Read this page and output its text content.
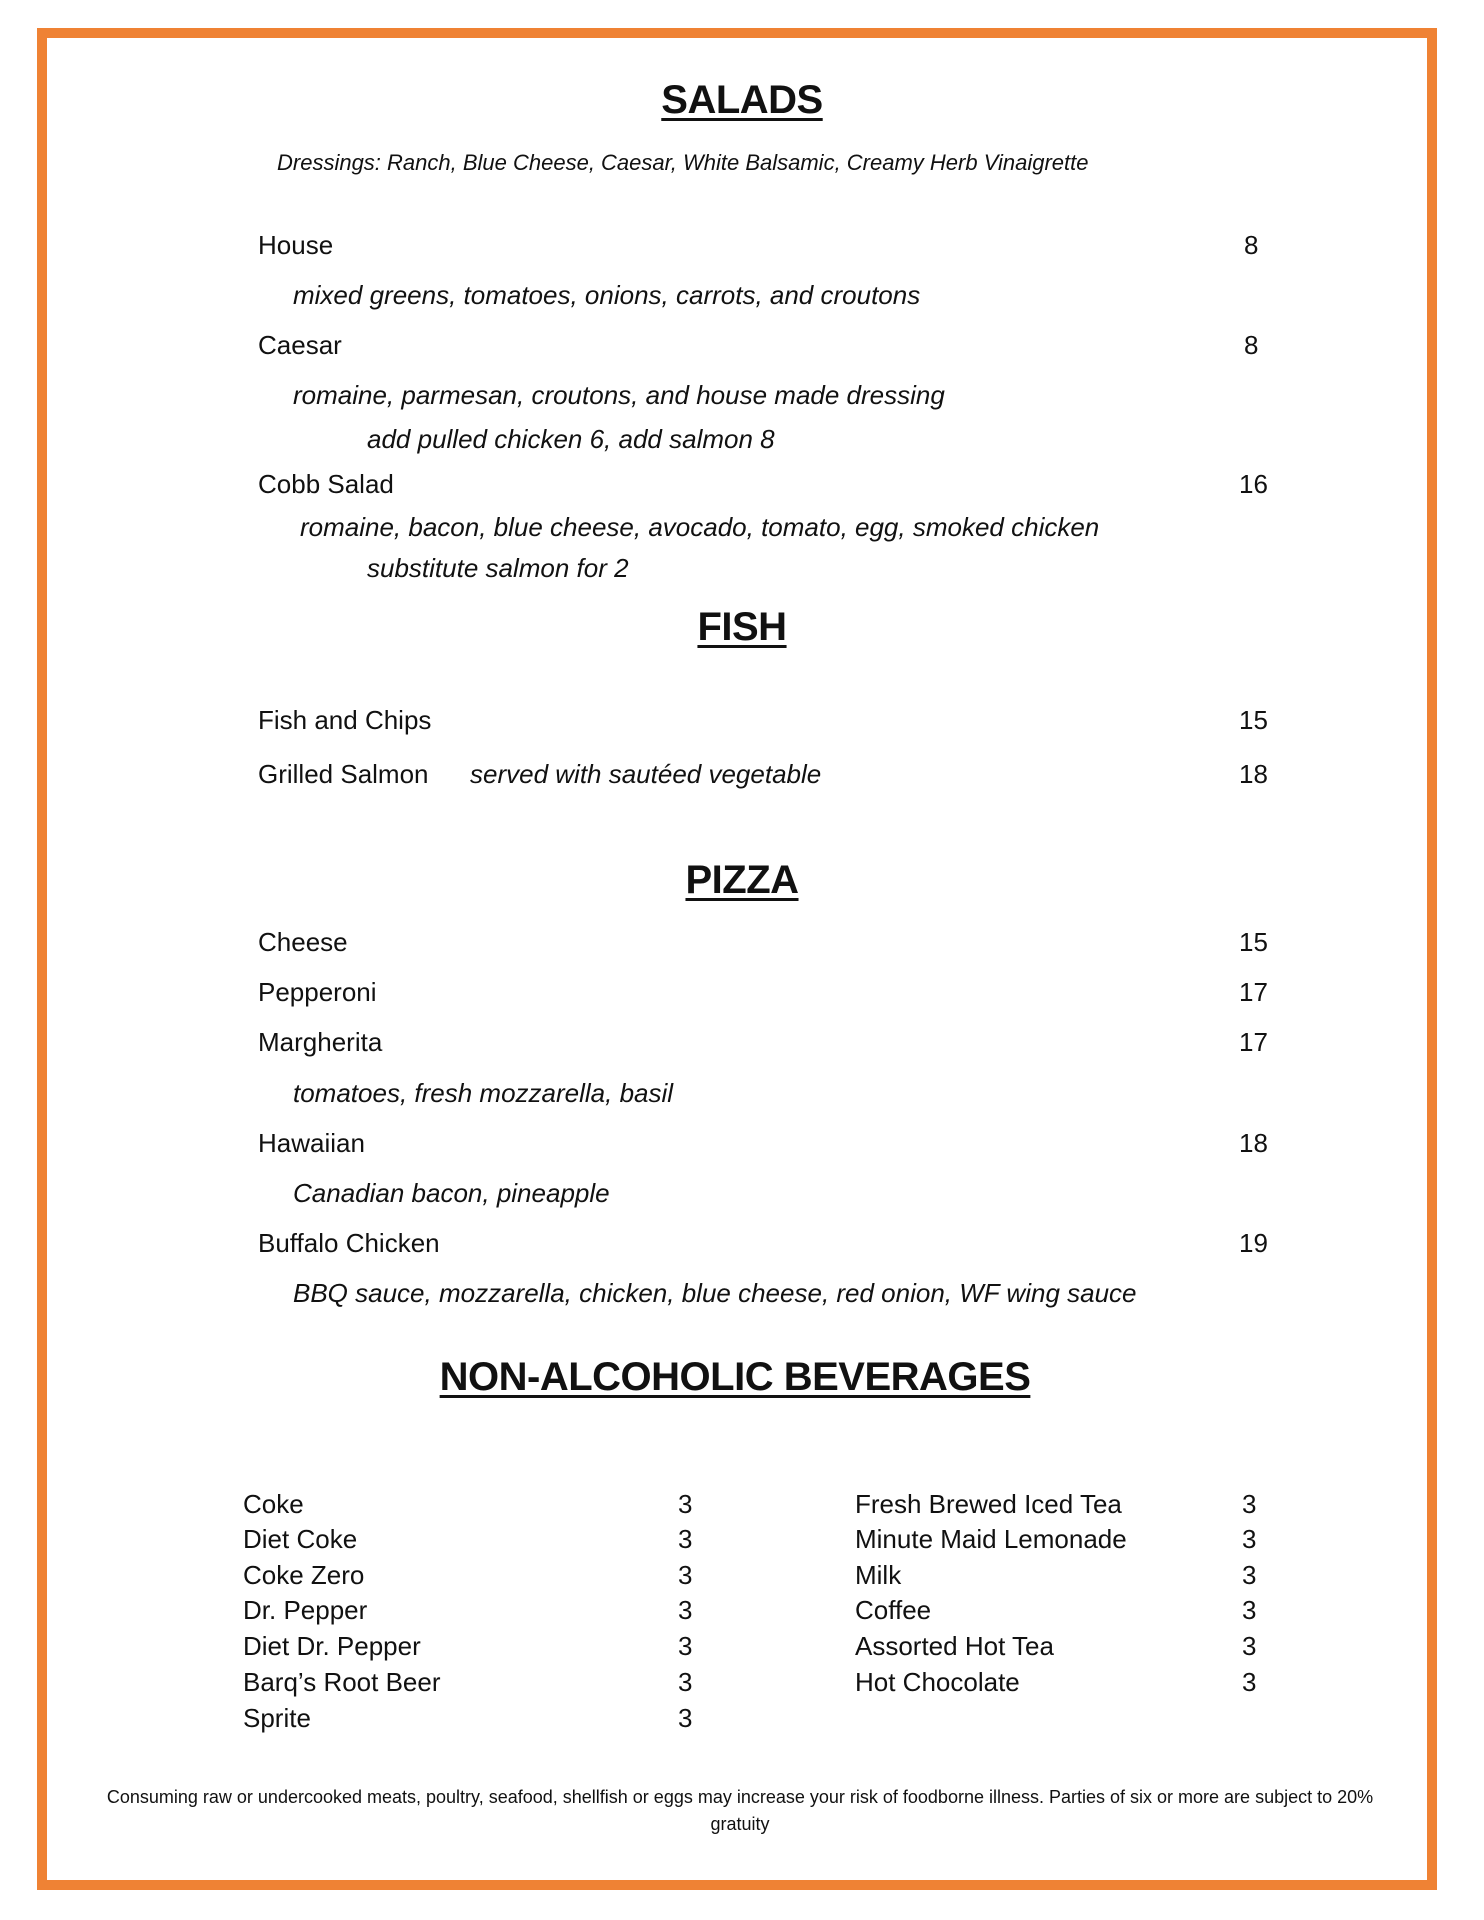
SALADS
Dressings: Ranch, Blue Cheese, Caesar, White Balsamic, Creamy Herb Vinaigrette
House	8
mixed greens, tomatoes, onions, carrots, and croutons
Caesar	8
romaine, parmesan, croutons, and house made dressing
add pulled chicken 6, add salmon 8
Cobb Salad	16
romaine, bacon, blue cheese, avocado, tomato, egg, smoked chicken
substitute salmon for 2
FISH
Fish and Chips	15
Grilled Salmon served with sautéed vegetable	18
PIZZA
Cheese	15
Pepperoni	17
Margherita	17
tomatoes, fresh mozzarella, basil
Hawaiian	18
Canadian bacon, pineapple
Buffalo Chicken	19
BBQ sauce, mozzarella, chicken, blue cheese, red onion, WF wing sauce
NON-ALCOHOLIC BEVERAGES
Coke	3
Diet Coke	3
Coke Zero	3
Dr. Pepper	3
Diet Dr. Pepper	3
Barq’s Root Beer	3
Sprite	3
Fresh Brewed Iced Tea	3
Minute Maid Lemonade	3
Milk	3
Coffee	3
Assorted Hot Tea	3
Hot Chocolate	3
Consuming raw or undercooked meats, poultry, seafood, shellfish or eggs may increase your risk of foodborne illness. Parties of six or more are subject to 20% gratuity
